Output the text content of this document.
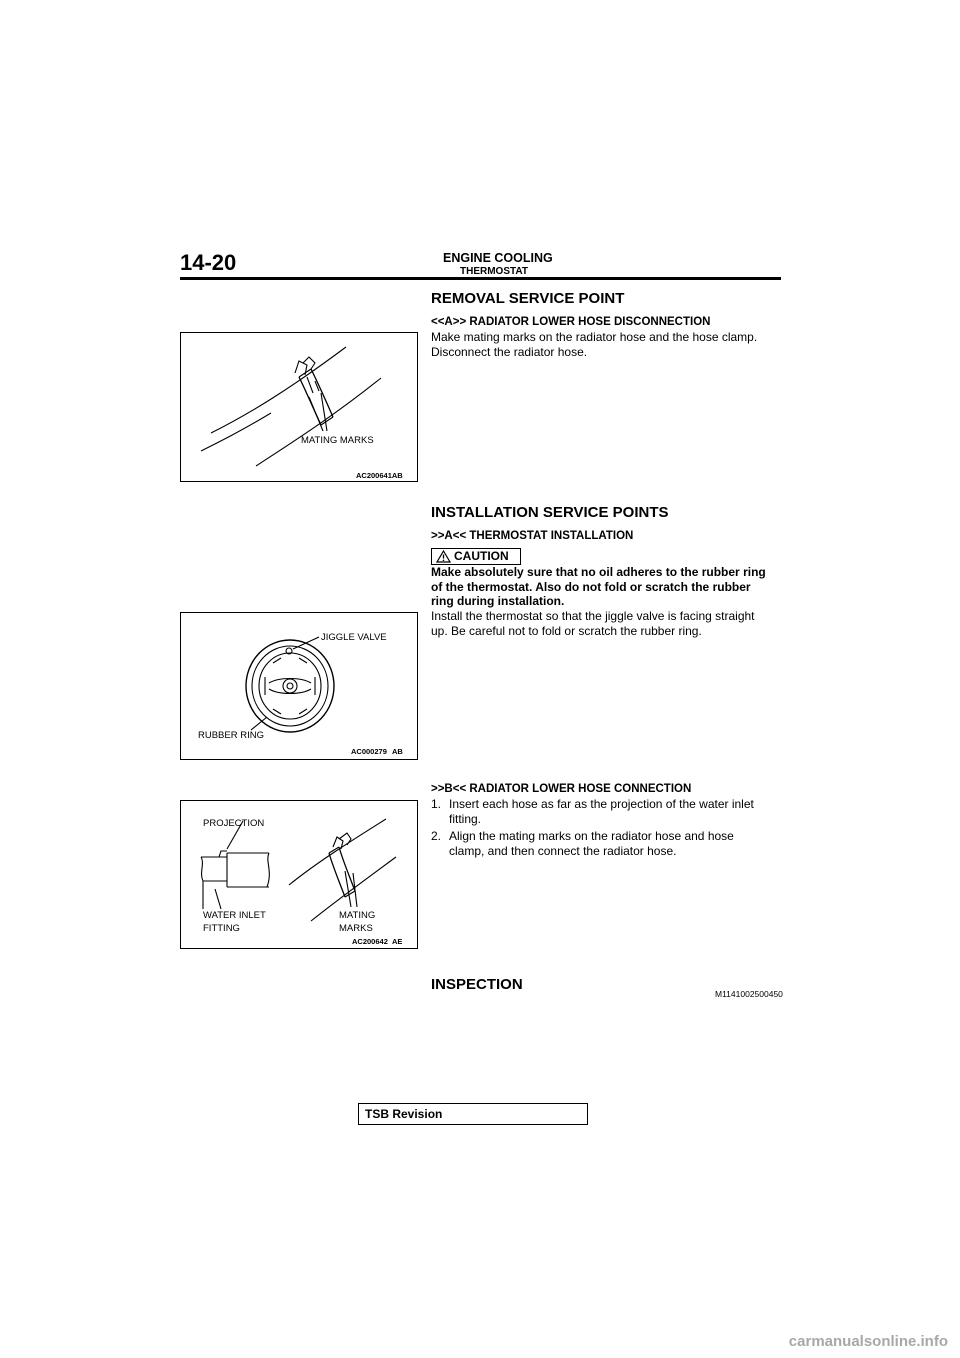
14-20	ENGINE COOLING
THERMOSTAT
REMOVAL SERVICE POINT
<<A>> RADIATOR LOWER HOSE DISCONNECTION
Make mating marks on the radiator hose and the hose clamp.
Disconnect the radiator hose.
MATING MARKS
AC200641AB
INSTALLATION SERVICE POINTS
>>A<< THERMOSTAT INSTALLATION
CAUTION
Make absolutely sure that no oil adheres to the rubber ring
of the thermostat. Also do not fold or scratch the rubber
ring during installation.
Install the thermostat so that the jiggle valve is facing straight
up. Be careful not to fold or scratch the rubber ring.
JIGGLE VALVE
RUBBER RING
AC000279 AB
>>B<< RADIATOR LOWER HOSE CONNECTION
1. Insert each hose as far as the projection of the water inlet
fitting.
2. Align the mating marks on the radiator hose and hose
clamp, and then connect the radiator hose.
PROJECTION
WATER INLET
FITTING
MATING
MARKS
AC200642 AE
INSPECTION
M1141002500450
TSB Revision
carmanualsonline.info
